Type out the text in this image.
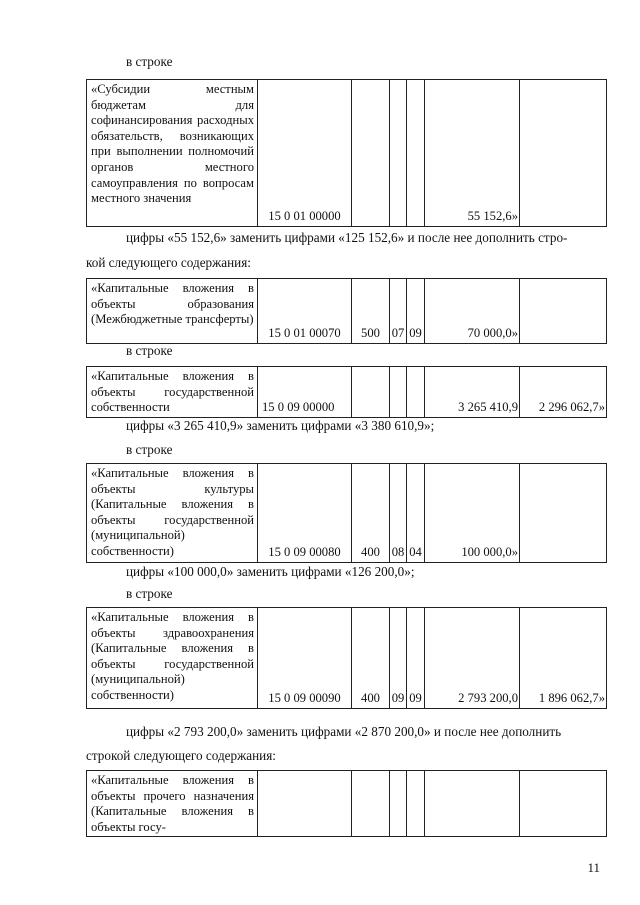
в строке
«Субсидии местным бюджетам для софинансирования расходных обязательств, возникающих при выполнении полномочий органов местного самоуправления по вопросам местного значения	15 0 01 00000				55 152,6»	
цифры «55 152,6» заменить цифрами «125 152,6» и после нее дополнить стро-
кой следующего содержания:
«Капитальные вложения в объекты образования (Межбюджетные трансферты)	15 0 01 00070	500	07	09	70 000,0»	
в строке
«Капитальные вложения в объекты государственной собственности	15 0 09 00000				3 265 410,9	2 296 062,7»
цифры «3 265 410,9» заменить цифрами «3 380 610,9»;
в строке
«Капитальные вложения в объекты культуры (Капитальные вложения в объекты государственной (муниципальной) собственности)	15 0 09 00080	400	08	04	100 000,0»	
цифры «100 000,0» заменить цифрами «126 200,0»;
в строке
«Капитальные вложения в объекты здравоохранения (Капитальные вложения в объекты государственной (муниципальной) собственности)	15 0 09 00090	400	09	09	2 793 200,0	1 896 062,7»
цифры «2 793 200,0» заменить цифрами «2 870 200,0» и после нее дополнить
строкой следующего содержания:
«Капитальные вложения в объекты прочего назначения (Капитальные вложения в объекты госу-						
11
